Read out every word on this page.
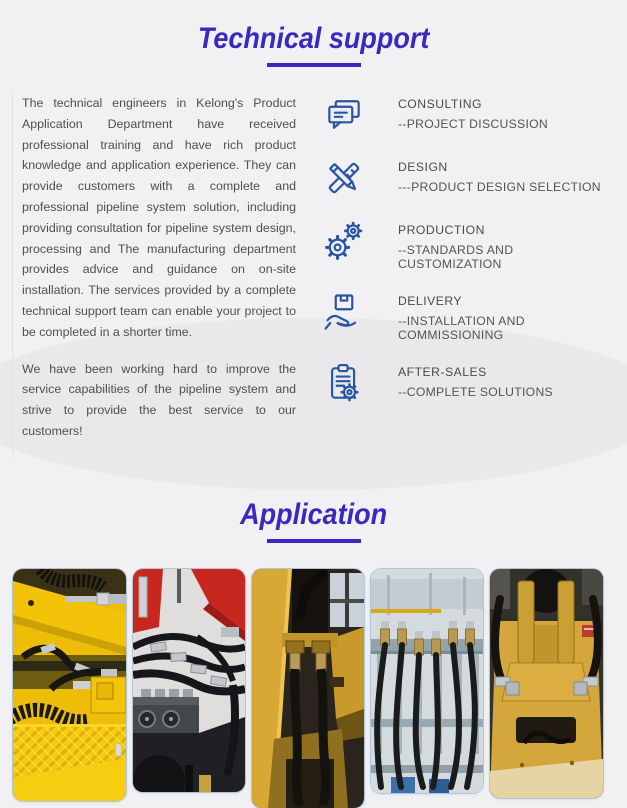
Technical support

The technical engineers in Kelong's Product Application Department have received professional training and have rich product knowledge and application experience. They can provide customers with a complete and professional pipeline system solution, including providing consultation for pipeline system design, processing and The manufacturing department provides advice and guidance on on-site installation. The services provided by a complete technical support team can enable your project to be completed in a shorter time.

We have been working hard to improve the service capabilities of the pipeline system and strive to provide the best service to our customers!

CONSULTING

--PROJECT DISCUSSION

DESIGN

---PRODUCT DESIGN SELECTION

PRODUCTION

--STANDARDS AND CUSTOMIZATION

DELIVERY

--INSTALLATION AND COMMISSIONING

AFTER-SALES

--COMPLETE SOLUTIONS

Application
